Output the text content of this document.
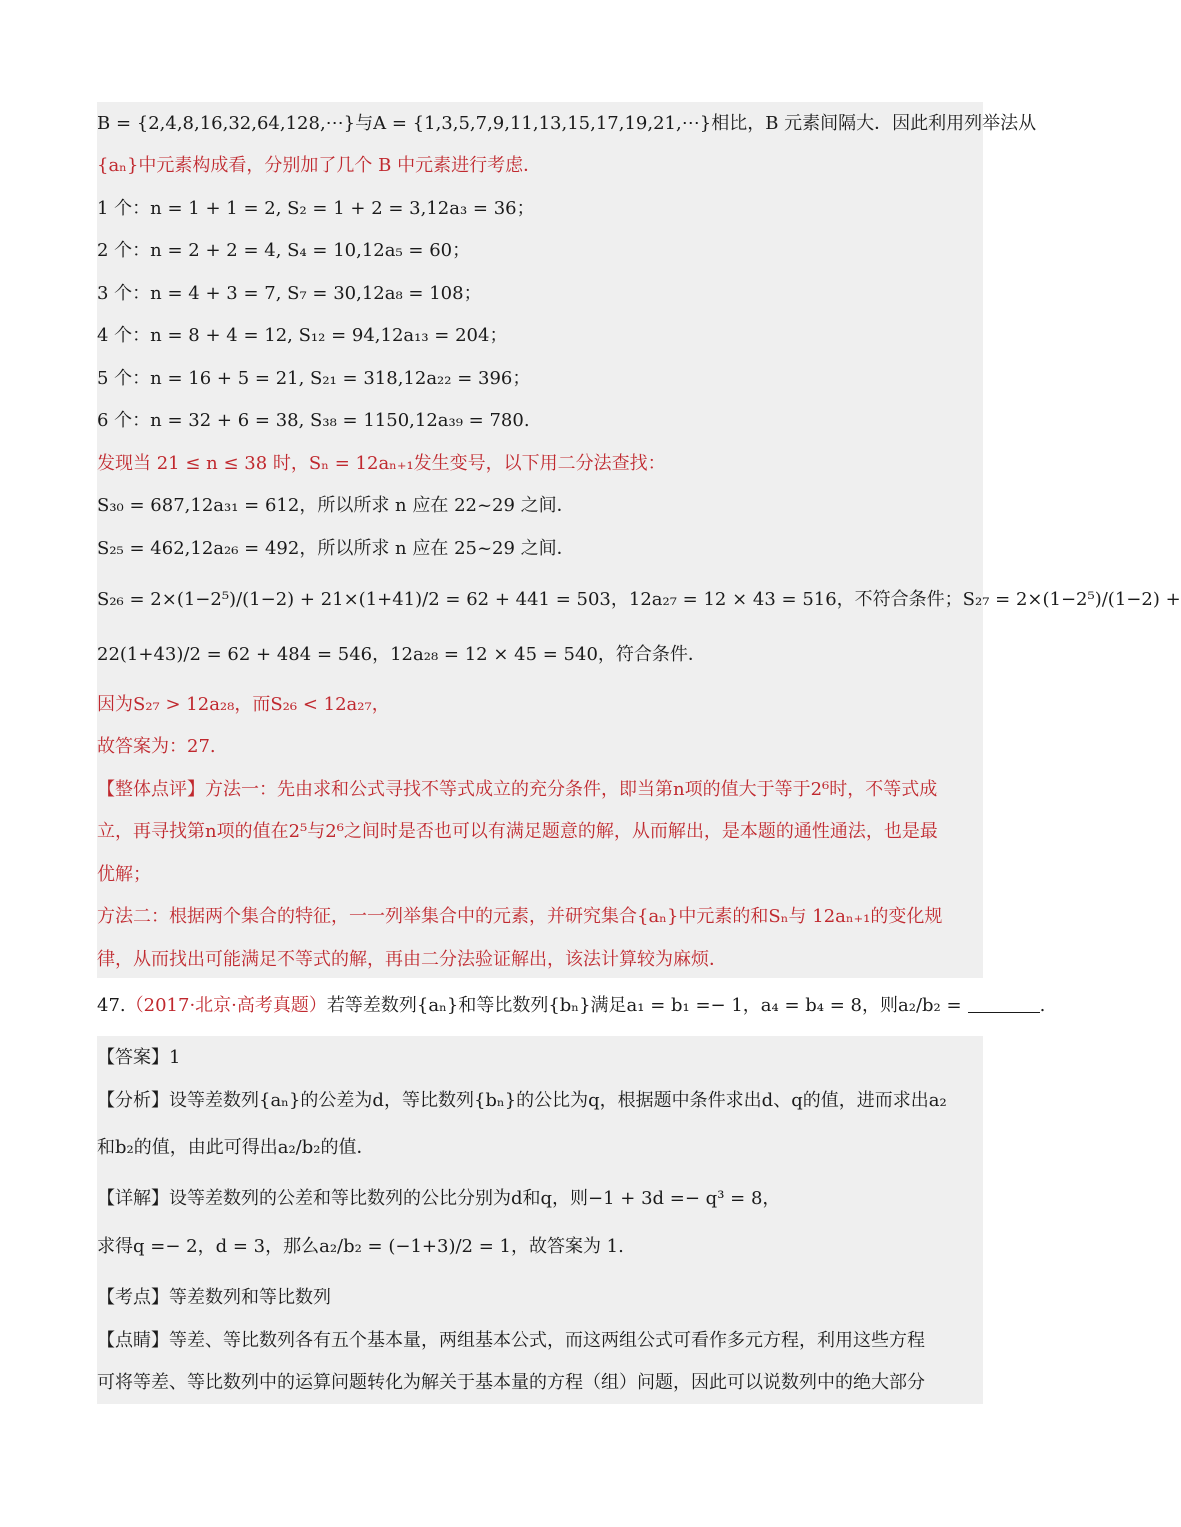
B = {2,4,8,16,32,64,128,⋯}与A = {1,3,5,7,9,11,13,15,17,19,21,⋯}相比，B 元素间隔大．因此利用列举法从
{aₙ}中元素构成看，分别加了几个 B 中元素进行考虑．
1 个：n = 1 + 1 = 2, S₂ = 1 + 2 = 3,12a₃ = 36；
2 个：n = 2 + 2 = 4, S₄ = 10,12a₅ = 60；
3 个：n = 4 + 3 = 7, S₇ = 30,12a₈ = 108；
4 个：n = 8 + 4 = 12, S₁₂ = 94,12a₁₃ = 204；
5 个：n = 16 + 5 = 21, S₂₁ = 318,12a₂₂ = 396；
6 个：n = 32 + 6 = 38, S₃₈ = 1150,12a₃₉ = 780.
发现当 21 ≤ n ≤ 38 时，Sₙ = 12aₙ₊₁发生变号，以下用二分法查找：
S₃₀ = 687,12a₃₁ = 612，所以所求 n 应在 22~29 之间．
S₂₅ = 462,12a₂₆ = 492，所以所求 n 应在 25~29 之间．
S₂₆ = 2×(1−2⁵)/(1−2) + 21×(1+41)/2 = 62 + 441 = 503，12a₂₇ = 12 × 43 = 516，不符合条件；S₂₇ = 2×(1−2⁵)/(1−2) +
22(1+43)/2 = 62 + 484 = 546，12a₂₈ = 12 × 45 = 540，符合条件．
因为S₂₇ > 12a₂₈，而S₂₆ < 12a₂₇，
故答案为：27.
【整体点评】方法一：先由求和公式寻找不等式成立的充分条件，即当第n项的值大于等于2⁶时，不等式成
立，再寻找第n项的值在2⁵与2⁶之间时是否也可以有满足题意的解，从而解出，是本题的通性通法，也是最
优解；
方法二：根据两个集合的特征，一一列举集合中的元素，并研究集合{aₙ}中元素的和Sₙ与 12aₙ₊₁的变化规
律，从而找出可能满足不等式的解，再由二分法验证解出，该法计算较为麻烦．
47.（2017·北京·高考真题）若等差数列{aₙ}和等比数列{bₙ}满足a₁ = b₁ =− 1，a₄ = b₄ = 8，则a₂/b₂ =	.
【答案】1
【分析】设等差数列{aₙ}的公差为d，等比数列{bₙ}的公比为q，根据题中条件求出d、q的值，进而求出a₂
和b₂的值，由此可得出a₂/b₂的值．
【详解】设等差数列的公差和等比数列的公比分别为d和q，则−1 + 3d =− q³ = 8，
求得q =− 2，d = 3，那么a₂/b₂ = (−1+3)/2 = 1，故答案为 1.
【考点】等差数列和等比数列
【点睛】等差、等比数列各有五个基本量，两组基本公式，而这两组公式可看作多元方程，利用这些方程
可将等差、等比数列中的运算问题转化为解关于基本量的方程（组）问题，因此可以说数列中的绝大部分
